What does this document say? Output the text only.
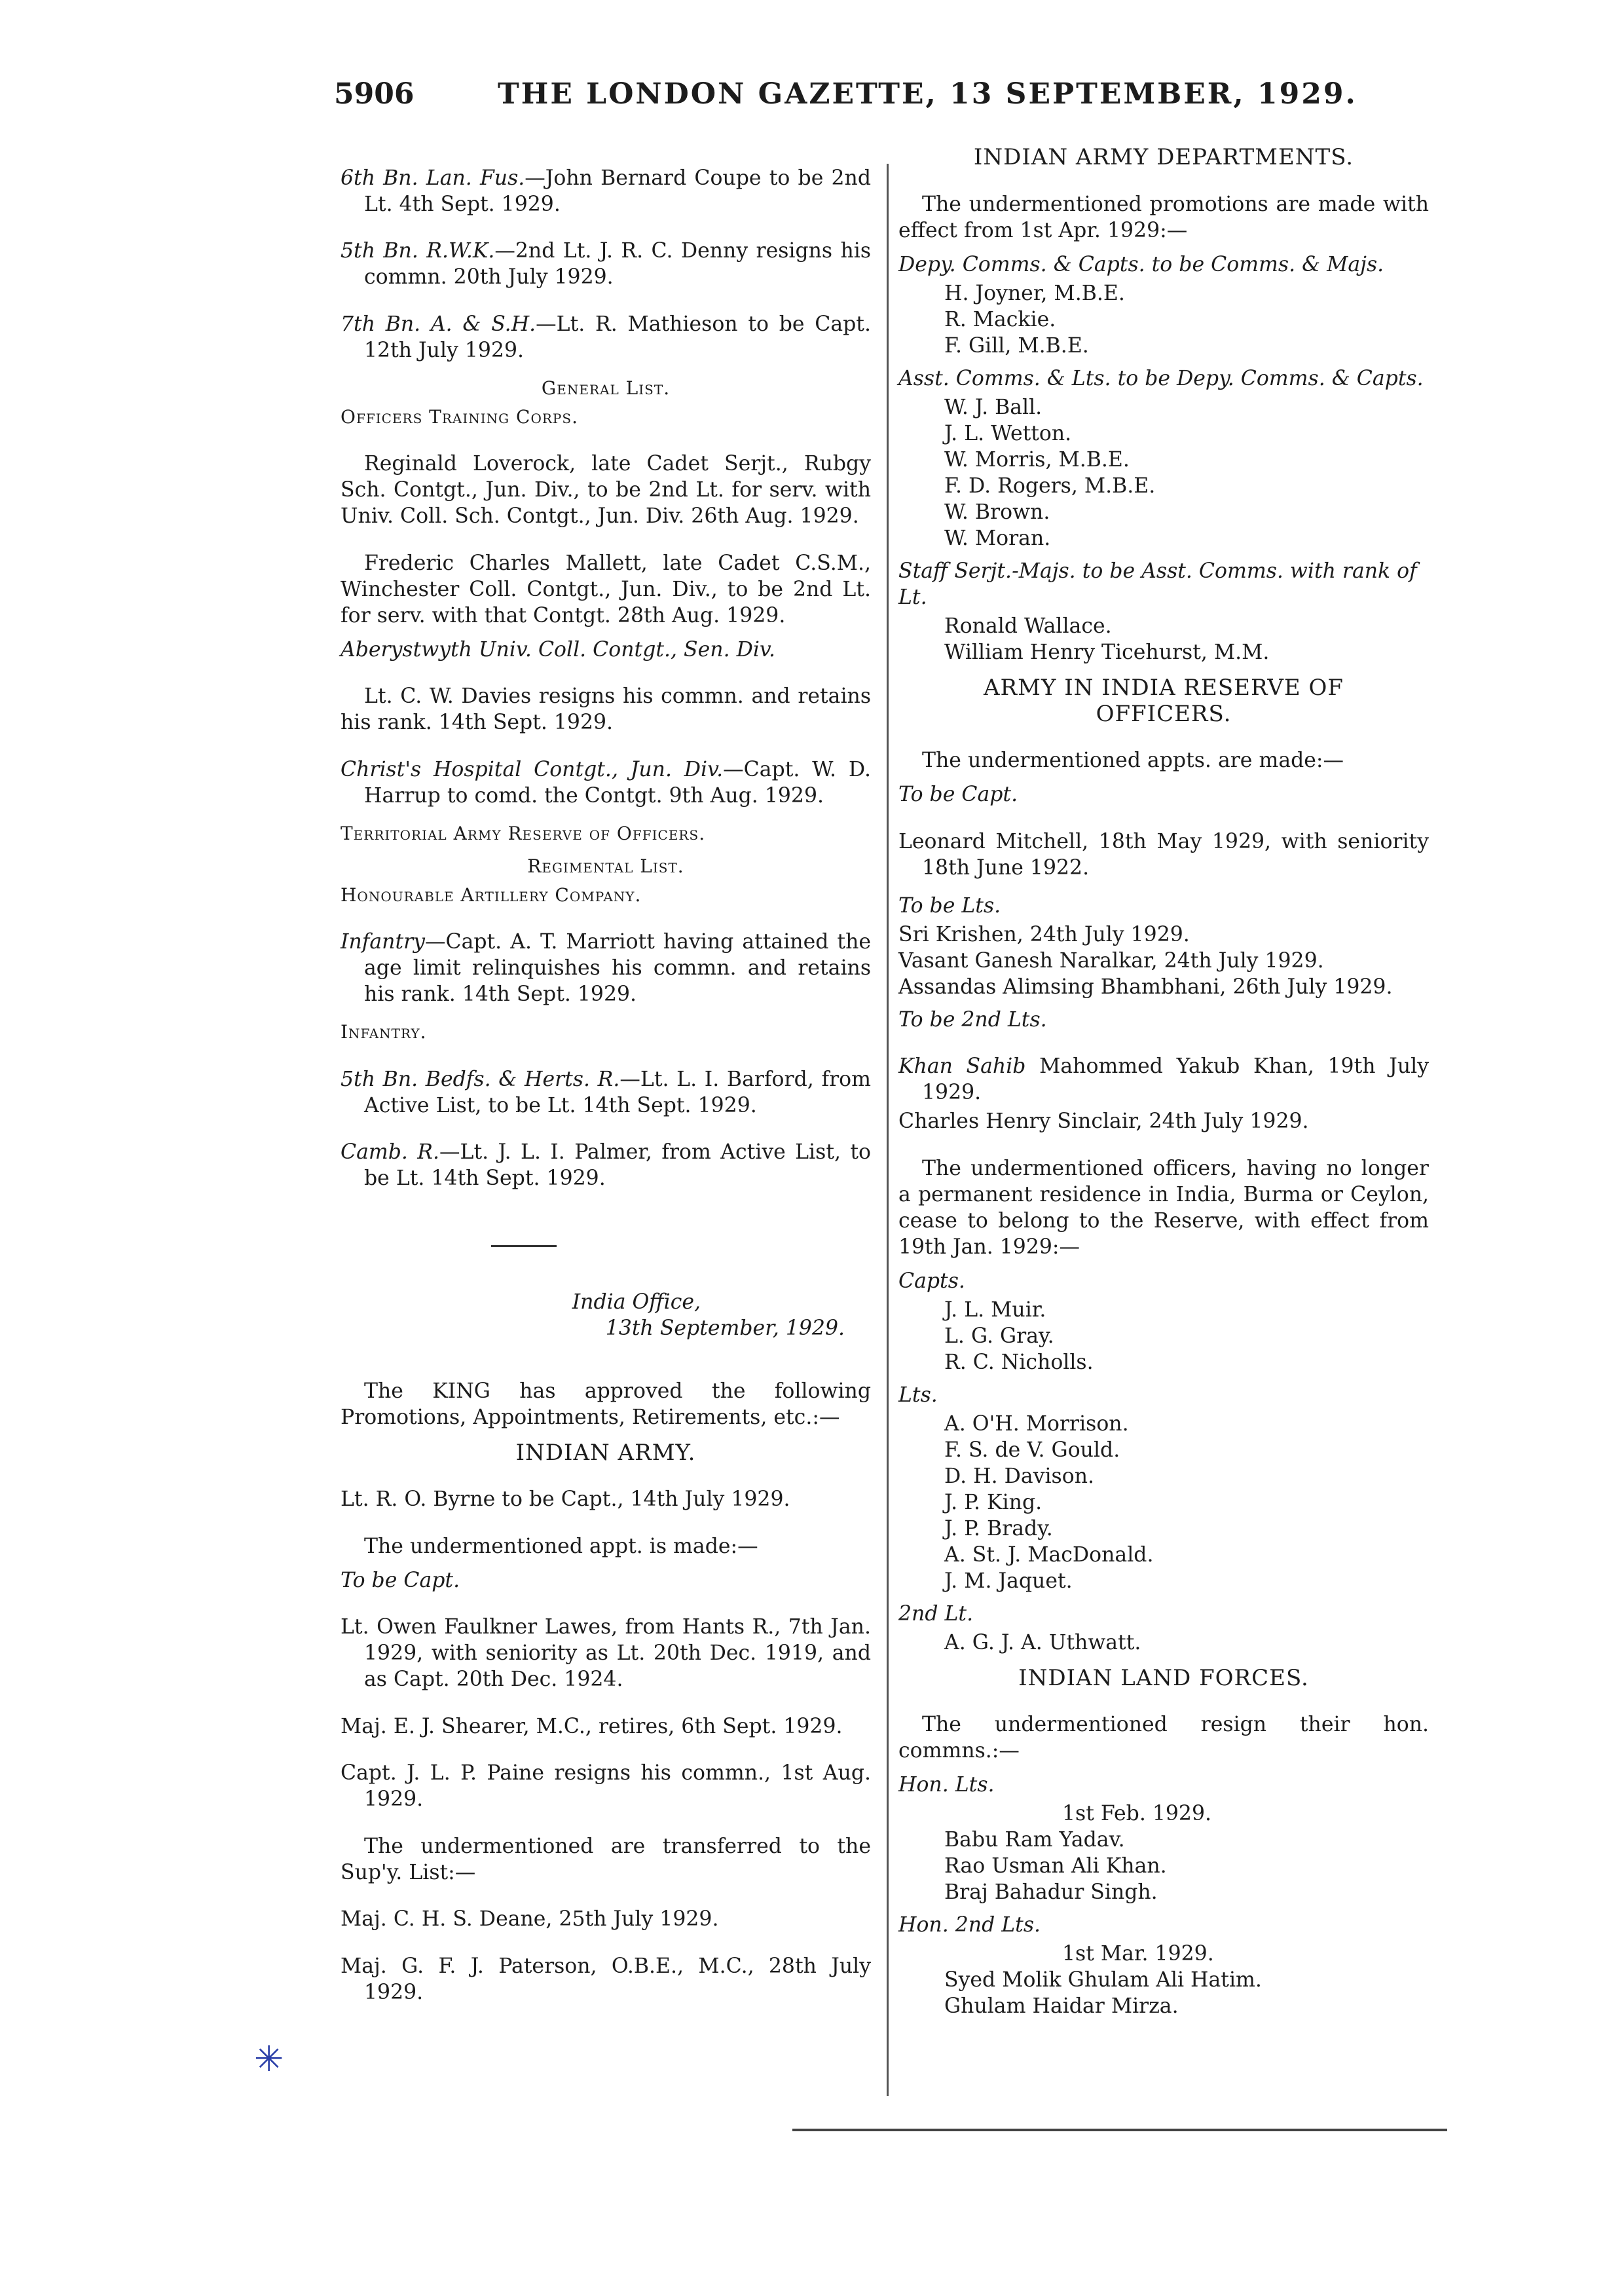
5906	THE LONDON GAZETTE, 13 SEPTEMBER, 1929.

6th Bn. Lan. Fus.—John Bernard Coupe to be 2nd Lt. 4th Sept. 1929.

5th Bn. R.W.K.—2nd Lt. J. R. C. Denny resigns his commn. 20th July 1929.

7th Bn. A. & S.H.—Lt. R. Mathieson to be Capt. 12th July 1929.

General List.
Officers Training Corps.

Reginald Loverock, late Cadet Serjt., Rubgy Sch. Contgt., Jun. Div., to be 2nd Lt. for serv. with Univ. Coll. Sch. Contgt., Jun. Div. 26th Aug. 1929.

Frederic Charles Mallett, late Cadet C.S.M., Winchester Coll. Contgt., Jun. Div., to be 2nd Lt. for serv. with that Contgt. 28th Aug. 1929.

Aberystwyth Univ. Coll. Contgt., Sen. Div.

Lt. C. W. Davies resigns his commn. and retains his rank. 14th Sept. 1929.

Christ's Hospital Contgt., Jun. Div.—Capt. W. D. Harrup to comd. the Contgt. 9th Aug. 1929.

Territorial Army Reserve of Officers.
Regimental List.
Honourable Artillery Company.

Infantry—Capt. A. T. Marriott having attained the age limit relinquishes his commn. and retains his rank. 14th Sept. 1929.

Infantry.

5th Bn. Bedfs. & Herts. R.—Lt. L. I. Barford, from Active List, to be Lt. 14th Sept. 1929.

Camb. R.—Lt. J. L. I. Palmer, from Active List, to be Lt. 14th Sept. 1929.

India Office,
13th September, 1929.

The KING has approved the following Promotions, Appointments, Retirements, etc.:—

INDIAN ARMY.

Lt. R. O. Byrne to be Capt., 14th July 1929.

The undermentioned appt. is made:—

To be Capt.

Lt. Owen Faulkner Lawes, from Hants R., 7th Jan. 1929, with seniority as Lt. 20th Dec. 1919, and as Capt. 20th Dec. 1924.

Maj. E. J. Shearer, M.C., retires, 6th Sept. 1929.

Capt. J. L. P. Paine resigns his commn., 1st Aug. 1929.

The undermentioned are transferred to the Sup'y. List:—

Maj. C. H. S. Deane, 25th July 1929.

Maj. G. F. J. Paterson, O.B.E., M.C., 28th July 1929.

INDIAN ARMY DEPARTMENTS.

The undermentioned promotions are made with effect from 1st Apr. 1929:—

Depy. Comms. & Capts. to be Comms. & Majs.
H. Joyner, M.B.E.
R. Mackie.
F. Gill, M.B.E.
Asst. Comms. & Lts. to be Depy. Comms. & Capts.
W. J. Ball.
J. L. Wetton.
W. Morris, M.B.E.
F. D. Rogers, M.B.E.
W. Brown.
W. Moran.
Staff Serjt.-Majs. to be Asst. Comms. with rank of Lt.
Ronald Wallace.
William Henry Ticehurst, M.M.
ARMY IN INDIA RESERVE OF OFFICERS.

The undermentioned appts. are made:—

To be Capt.

Leonard Mitchell, 18th May 1929, with seniority 18th June 1922.

To be Lts.

Sri Krishen, 24th July 1929.

Vasant Ganesh Naralkar, 24th July 1929.

Assandas Alimsing Bhambhani, 26th July 1929.

To be 2nd Lts.

Khan Sahib Mahommed Yakub Khan, 19th July 1929.

Charles Henry Sinclair, 24th July 1929.

The undermentioned officers, having no longer a permanent residence in India, Burma or Ceylon, cease to belong to the Reserve, with effect from 19th Jan. 1929:—

Capts.
J. L. Muir.
L. G. Gray.
R. C. Nicholls.
Lts.
A. O'H. Morrison.
F. S. de V. Gould.
D. H. Davison.
J. P. King.
J. P. Brady.
A. St. J. MacDonald.
J. M. Jaquet.
2nd Lt.
A. G. J. A. Uthwatt.
INDIAN LAND FORCES.

The undermentioned resign their hon. commns.:—

Hon. Lts.
1st Feb. 1929.
Babu Ram Yadav.
Rao Usman Ali Khan.
Braj Bahadur Singh.
Hon. 2nd Lts.
1st Mar. 1929.
Syed Molik Ghulam Ali Hatim.
Ghulam Haidar Mirza.
✳
